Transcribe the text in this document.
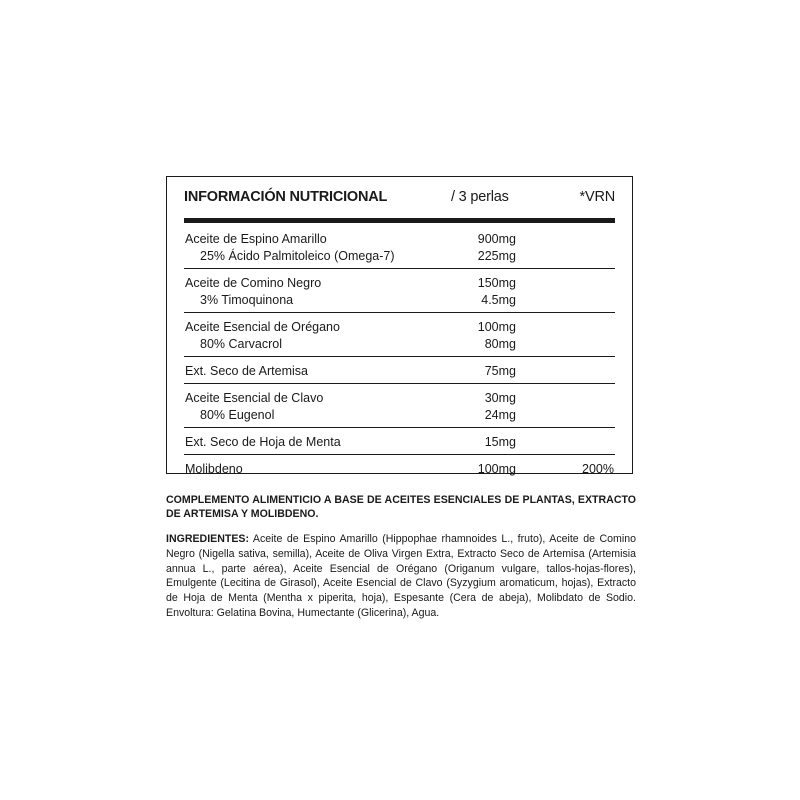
INFORMACIÓN NUTRICIONAL	/ 3 perlas	*VRN
Aceite de Espino Amarillo	900mg
25% Ácido Palmitoleico (Omega-7)	225mg
Aceite de Comino Negro	150mg
3% Timoquinona	4.5mg
Aceite Esencial de Orégano	100mg
80% Carvacrol	80mg
Ext. Seco de Artemisa	75mg
Aceite Esencial de Clavo	30mg
80% Eugenol	24mg
Ext. Seco de Hoja de Menta	15mg
Molibdeno	100mg	200%
COMPLEMENTO ALIMENTICIO A BASE DE ACEITES ESENCIALES DE PLANTAS, EXTRACTO DE ARTEMISA Y MOLIBDENO.
INGREDIENTES: Aceite de Espino Amarillo (Hippophae rhamnoides L., fruto), Aceite de Comino Negro (Nigella sativa, semilla), Aceite de Oliva Virgen Extra, Extracto Seco de Artemisa (Artemisia annua L., parte aérea), Aceite Esencial de Orégano (Origanum vulgare, tallos-hojas-flores), Emulgente (Lecitina de Girasol), Aceite Esencial de Clavo (Syzygium aromaticum, hojas), Extracto de Hoja de Menta (Mentha x piperita, hoja), Espesante (Cera de abeja), Molibdato de Sodio. Envoltura: Gelatina Bovina, Humectante (Glicerina), Agua.
